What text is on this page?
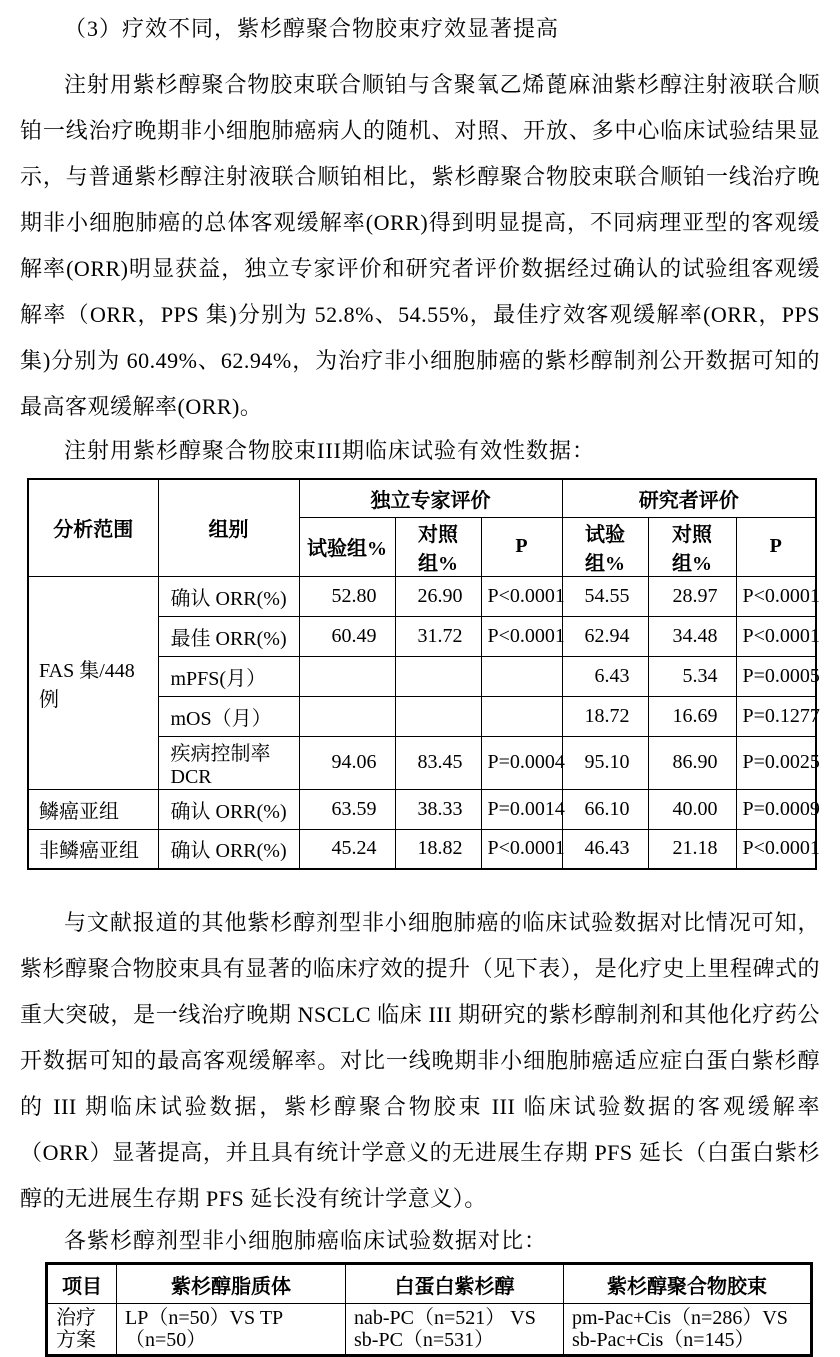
（3）疗效不同，紫杉醇聚合物胶束疗效显著提高

注射用紫杉醇聚合物胶束联合顺铂与含聚氧乙烯蓖麻油紫杉醇注射液联合顺铂一线治疗晚期非小细胞肺癌病人的随机、对照、开放、多中心临床试验结果显示，与普通紫杉醇注射液联合顺铂相比，紫杉醇聚合物胶束联合顺铂一线治疗晚期非小细胞肺癌的总体客观缓解率(ORR)得到明显提高，不同病理亚型的客观缓解率(ORR)明显获益，独立专家评价和研究者评价数据经过确认的试验组客观缓解率（ORR，PPS 集)分别为 52.8%、54.55%，最佳疗效客观缓解率(ORR，PPS 集)分别为 60.49%、62.94%，为治疗非小细胞肺癌的紫杉醇制剂公开数据可知的最高客观缓解率(ORR)。

注射用紫杉醇聚合物胶束III期临床试验有效性数据：

分析范围	组别	独立专家评价			研究者评价		
		试验组%	对照组%	P	试验组%	对照组%	P
FAS 集/448 例	确认 ORR(%)	52.80	26.90	P<0.0001	54.55	28.97	P<0.0001
	最佳 ORR(%)	60.49	31.72	P<0.0001	62.94	34.48	P<0.0001
	mPFS(月）				6.43	5.34	P=0.0005
	mOS（月）				18.72	16.69	P=0.1277
	疾病控制率 DCR	94.06	83.45	P=0.0004	95.10	86.90	P=0.0025
鳞癌亚组	确认 ORR(%)	63.59	38.33	P=0.0014	66.10	40.00	P=0.0009
非鳞癌亚组	确认 ORR(%)	45.24	18.82	P<0.0001	46.43	21.18	P<0.0001

与文献报道的其他紫杉醇剂型非小细胞肺癌的临床试验数据对比情况可知，紫杉醇聚合物胶束具有显著的临床疗效的提升（见下表），是化疗史上里程碑式的重大突破，是一线治疗晚期 NSCLC 临床 III 期研究的紫杉醇制剂和其他化疗药公开数据可知的最高客观缓解率。对比一线晚期非小细胞肺癌适应症白蛋白紫杉醇的 III 期临床试验数据，紫杉醇聚合物胶束 III 临床试验数据的客观缓解率（ORR）显著提高，并且具有统计学意义的无进展生存期 PFS 延长（白蛋白紫杉醇的无进展生存期 PFS 延长没有统计学意义）。

各紫杉醇剂型非小细胞肺癌临床试验数据对比：

项目	紫杉醇脂质体	白蛋白紫杉醇	紫杉醇聚合物胶束
治疗方案	LP（n=50）VS TP（n=50）	nab-PC（n=521） VS sb-PC（n=531）	pm-Pac+Cis（n=286）VS sb-Pac+Cis（n=145）
